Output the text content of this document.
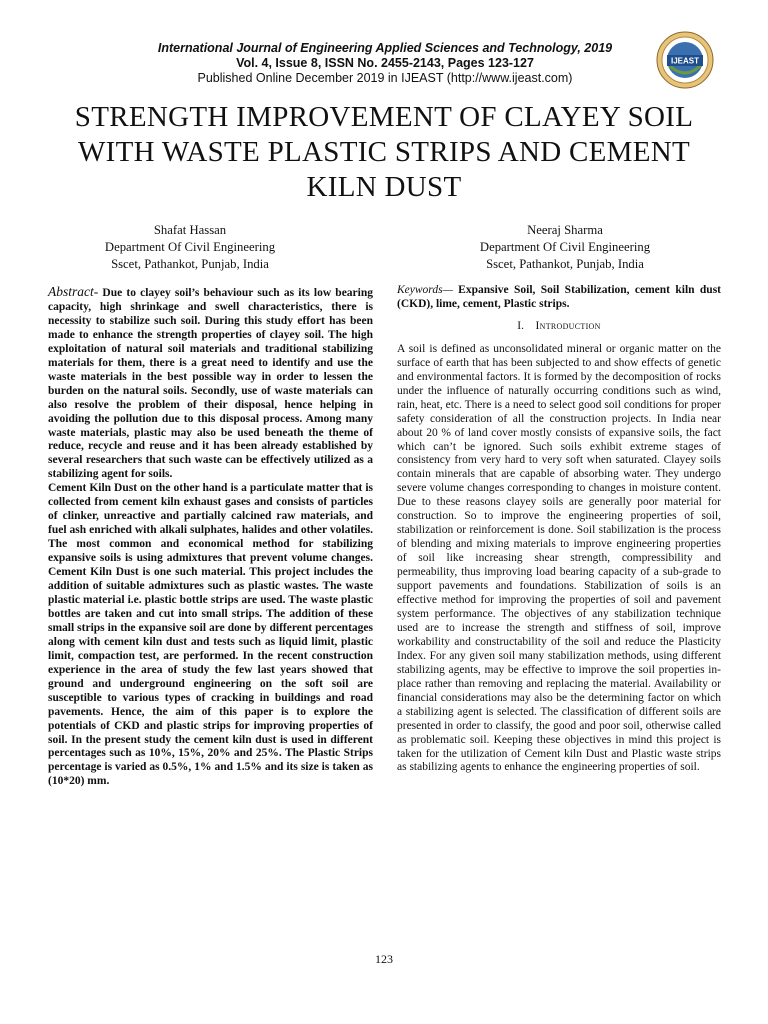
International Journal of Engineering Applied Sciences and Technology, 2019
Vol. 4, Issue 8, ISSN No. 2455-2143, Pages 123-127
Published Online December 2019 in IJEAST (http://www.ijeast.com)
IJEAST
STRENGTH IMPROVEMENT OF CLAYEY SOIL
WITH WASTE PLASTIC STRIPS AND CEMENT
KILN DUST
Shafat Hassan
Department Of Civil Engineering
Sscet, Pathankot, Punjab, India
Neeraj Sharma
Department Of Civil Engineering
Sscet, Pathankot, Punjab, India

Abstract- Due to clayey soil’s behaviour such as its low bearing capacity, high shrinkage and swell characteristics, there is necessity to stabilize such soil. During this study effort has been made to enhance the strength properties of clayey soil. The high exploitation of natural soil materials and traditional stabilizing materials for them, there is a great need to identify and use the waste materials in the best possible way in order to lessen the burden on the natural soils. Secondly, use of waste materials can also resolve the problem of their disposal, hence helping in avoiding the pollution due to this disposal process. Among many waste materials, plastic may also be used beneath the theme of reduce, recycle and reuse and it has been already established by several researchers that such waste can be effectively utilized as a stabilizing agent for soils.

Cement Kiln Dust on the other hand is a particulate matter that is collected from cement kiln exhaust gases and consists of particles of clinker, unreactive and partially calcined raw materials, and fuel ash enriched with alkali sulphates, halides and other volatiles. The most common and economical method for stabilizing expansive soils is using admixtures that prevent volume changes. Cement Kiln Dust is one such material. This project includes the addition of suitable admixtures such as plastic wastes. The waste plastic material i.e. plastic bottle strips are used. The waste plastic bottles are taken and cut into small strips. The addition of these small strips in the expansive soil are done by different percentages along with cement kiln dust and tests such as liquid limit, plastic limit, compaction test, are performed. In the recent construction experience in the area of study the few last years showed that ground and underground engineering on the soft soil are susceptible to various types of cracking in buildings and road pavements. Hence, the aim of this paper is to explore the potentials of CKD and plastic strips for improving properties of soil. In the present study the cement kiln dust is used in different percentages such as 10%, 15%, 20% and 25%. The Plastic Strips percentage is varied as 0.5%, 1% and 1.5% and its size is taken as (10*20) mm.

Keywords— Expansive Soil, Soil Stabilization, cement kiln dust (CKD), lime, cement, Plastic strips.

I. Introduction

A soil is defined as unconsolidated mineral or organic matter on the surface of earth that has been subjected to and show effects of genetic and environmental factors. It is formed by the decomposition of rocks under the influence of naturally occurring conditions such as wind, rain, heat, etc. There is a need to select good soil conditions for proper safety consideration of all the construction projects. In India near about 20 % of land cover mostly consists of expansive soils, the fact which can’t be ignored. Such soils exhibit extreme stages of consistency from very hard to very soft when saturated. Clayey soils contain minerals that are capable of absorbing water. They undergo severe volume changes corresponding to changes in moisture content. Due to these reasons clayey soils are generally poor material for construction. So to improve the engineering properties of soil, stabilization or reinforcement is done. Soil stabilization is the process of blending and mixing materials to improve engineering properties of soil like increasing shear strength, compressibility and permeability, thus improving load bearing capacity of a sub-grade to support pavements and foundations. Stabilization of soils is an effective method for improving the properties of soil and pavement system performance. The objectives of any stabilization technique used are to increase the strength and stiffness of soil, improve workability and constructability of the soil and reduce the Plasticity Index. For any given soil many stabilization methods, using different stabilizing agents, may be effective to improve the soil properties in-place rather than removing and replacing the material. Availability or financial considerations may also be the determining factor on which a stabilizing agent is selected. The classification of different soils are presented in order to classify, the good and poor soil, otherwise called as problematic soil. Keeping these objectives in mind this project is taken for the utilization of Cement kiln Dust and Plastic waste strips as stabilizing agents to enhance the engineering properties of soil.

123
